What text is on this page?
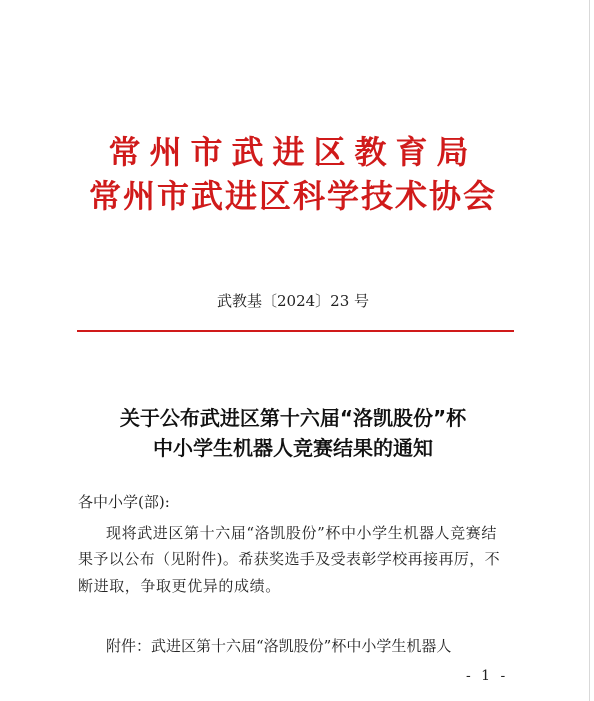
常州市武进区教育局
常州市武进区科学技术协会
武教基〔2024〕23 号
关于公布武进区第十六届“洛凯股份”杯
中小学生机器人竞赛结果的通知
各中小学(部):
现将武进区第十六届“洛凯股份”杯中小学生机器人竞赛结
果予以公布（见附件)。希获奖选手及受表彰学校再接再厉，不
断进取，争取更优异的成绩。
附件：武进区第十六届“洛凯股份”杯中小学生机器人
- 1 -
